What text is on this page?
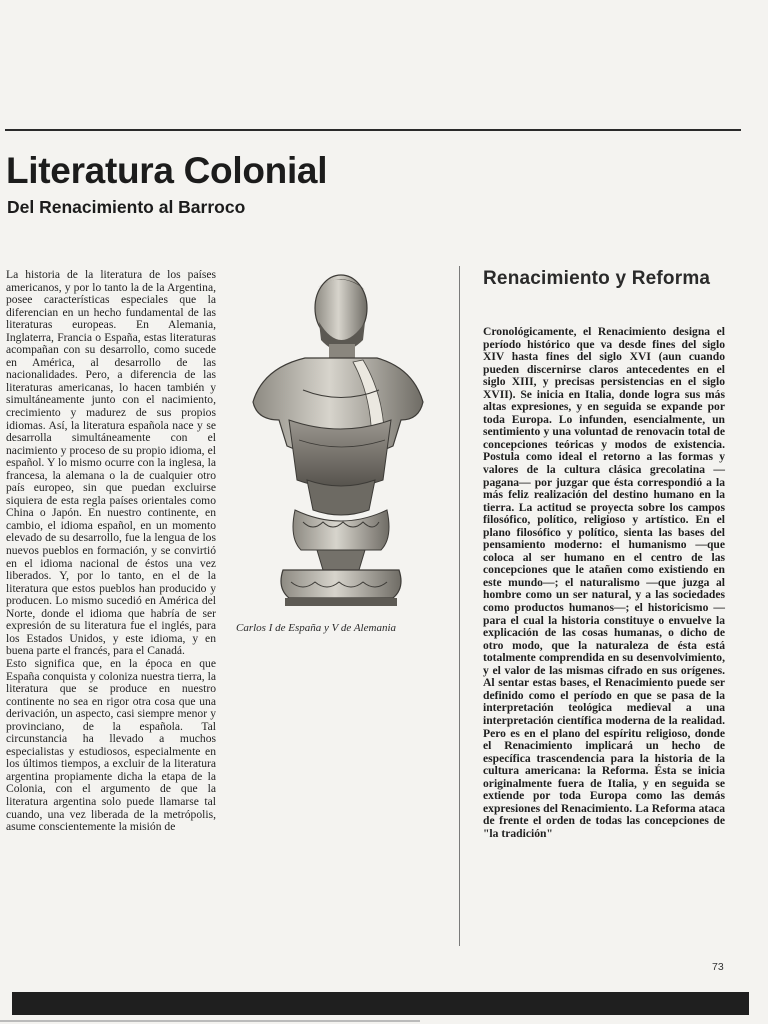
Literatura Colonial
Del Renacimiento al Barroco

La historia de la literatura de los países americanos, y por lo tanto la de la Argentina, posee características especiales que la diferencian en un hecho fundamental de las literaturas europeas. En Alemania, Inglaterra, Francia o España, estas literaturas acompañan con su desarrollo, como sucede en América, al desarrollo de las nacionalidades. Pero, a diferencia de las literaturas americanas, lo hacen también y simultáneamente junto con el nacimiento, crecimiento y madurez de sus propios idiomas. Así, la literatura española nace y se desarrolla simultáneamente con el nacimiento y proceso de su propio idioma, el español. Y lo mismo ocurre con la inglesa, la francesa, la alemana o la de cualquier otro país europeo, sin que puedan excluirse siquiera de esta regla países orientales como China o Japón. En nuestro continente, en cambio, el idioma español, en un momento elevado de su desarrollo, fue la lengua de los nuevos pueblos en formación, y se convirtió en el idioma nacional de éstos una vez liberados. Y, por lo tanto, en el de la literatura que estos pueblos han producido y producen. Lo mismo sucedió en América del Norte, donde el idioma que habría de ser expresión de su literatura fue el inglés, para los Estados Unidos, y este idioma, y en buena parte el francés, para el Canadá.

Esto significa que, en la época en que España conquista y coloniza nuestra tierra, la literatura que se produce en nuestro continente no sea en rigor otra cosa que una derivación, un aspecto, casi siempre menor y provinciano, de la española. Tal circunstancia ha llevado a muchos especialistas y estudiosos, especialmente en los últimos tiempos, a excluir de la literatura argentina propiamente dicha la etapa de la Colonia, con el argumento de que la literatura argentina solo puede llamarse tal cuando, una vez liberada de la metrópolis, asume conscientemente la misión de

Carlos I de España y V de Alemania
Renacimiento y Reforma

Cronológicamente, el Renacimiento designa el período histórico que va desde fines del siglo XIV hasta fines del siglo XVI (aun cuando pueden discernirse claros antecedentes en el siglo XIII, y precisas persistencias en el siglo XVII). Se inicia en Italia, donde logra sus más altas expresiones, y en seguida se expande por toda Europa. Lo infunden, esencialmente, un sentimiento y una voluntad de renovacin total de concepciones teóricas y modos de existencia. Postula como ideal el retorno a las formas y valores de la cultura clásica grecolatina —pagana— por juzgar que ésta correspondió a la más feliz realización del destino humano en la tierra. La actitud se proyecta sobre los campos filosófico, político, religioso y artístico. En el plano filosófico y político, sienta las bases del pensamiento moderno: el humanismo —que coloca al ser humano en el centro de las concepciones que le atañen como existiendo en este mundo—; el naturalismo —que juzga al hombre como un ser natural, y a las sociedades como productos humanos—; el historicismo —para el cual la historia constituye o envuelve la explicación de las cosas humanas, o dicho de otro modo, que la naturaleza de ésta está totalmente comprendida en su desenvolvimiento, y el valor de las mismas cifrado en sus orígenes. Al sentar estas bases, el Renacimiento puede ser definido como el período en que se pasa de la interpretación teológica medieval a una interpretación científica moderna de la realidad. Pero es en el plano del espíritu religioso, donde el Renacimiento implicará un hecho de específica trascendencia para la historia de la cultura americana: la Reforma. Ésta se inicia originalmente fuera de Italia, y en seguida se extiende por toda Europa como las demás expresiones del Renacimiento. La Reforma ataca de frente el orden de todas las concepciones de "la tradición"

73
